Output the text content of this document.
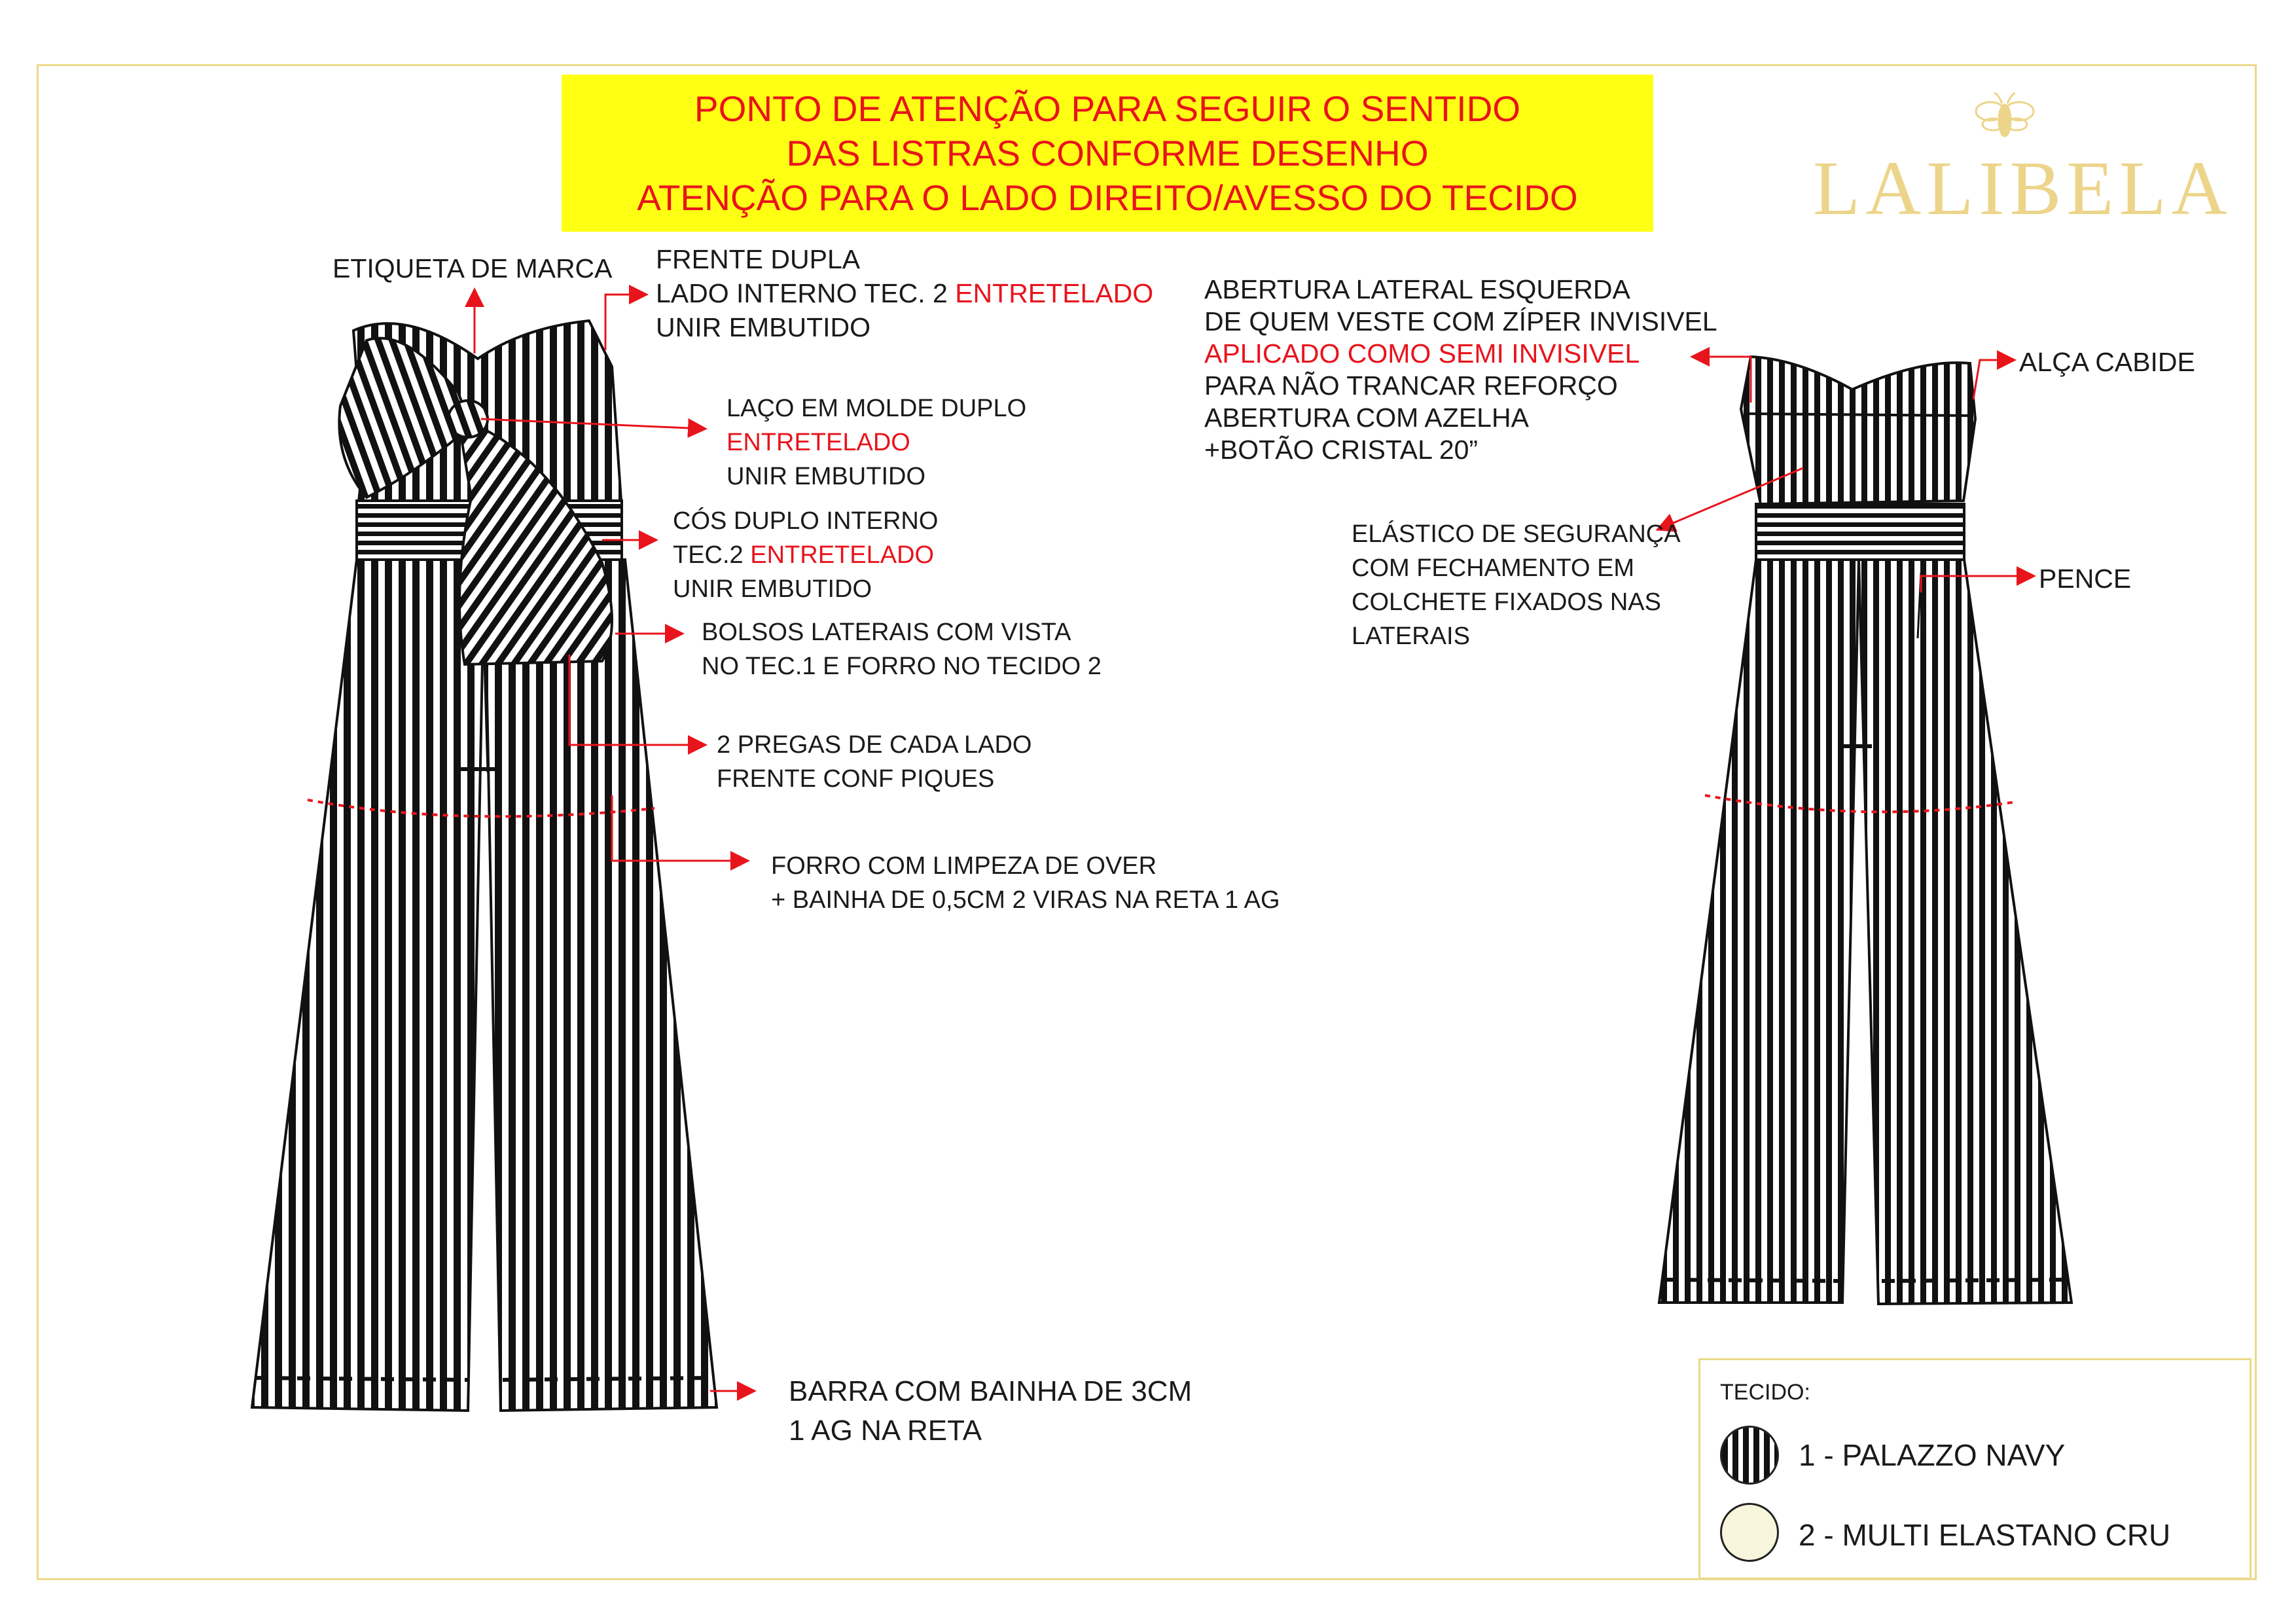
PONTO DE ATENÇÃO PARA SEGUIR O SENTIDO
DAS LISTRAS CONFORME DESENHO
ATENÇÃO PARA O LADO DIREITO/AVESSO DO TECIDO	LALIBELA
ETIQUETA DE MARCA FRENTE DUPLA
LADO INTERNO TEC. 2 ENTRETELADO
UNIR EMBUTIDO
LAÇO EM MOLDE DUPLO
ENTRETELADO
UNIR EMBUTIDO
CÓS DUPLO INTERNO
TEC.2 ENTRETELADO
UNIR EMBUTIDO
BOLSOS LATERAIS COM VISTA
NO TEC.1 E FORRO NO TECIDO 2
2 PREGAS DE CADA LADO
FRENTE CONF PIQUES
FORRO COM LIMPEZA DE OVER
+ BAINHA DE 0,5CM 2 VIRAS NA RETA 1 AG
BARRA COM BAINHA DE 3CM
1 AG NA RETA
ABERTURA LATERAL ESQUERDA
DE QUEM VESTE COM ZÍPER INVISIVEL
APLICADO COMO SEMI INVISIVEL
PARA NÃO TRANCAR REFORÇO
ABERTURA COM AZELHA
+BOTÃO CRISTAL 20”
ALÇA CABIDE
ELÁSTICO DE SEGURANÇA
COM FECHAMENTO EM
COLCHETE FIXADOS NAS
LATERAIS
PENCE
TECIDO:
1 - PALAZZO NAVY
2 - MULTI ELASTANO CRU
